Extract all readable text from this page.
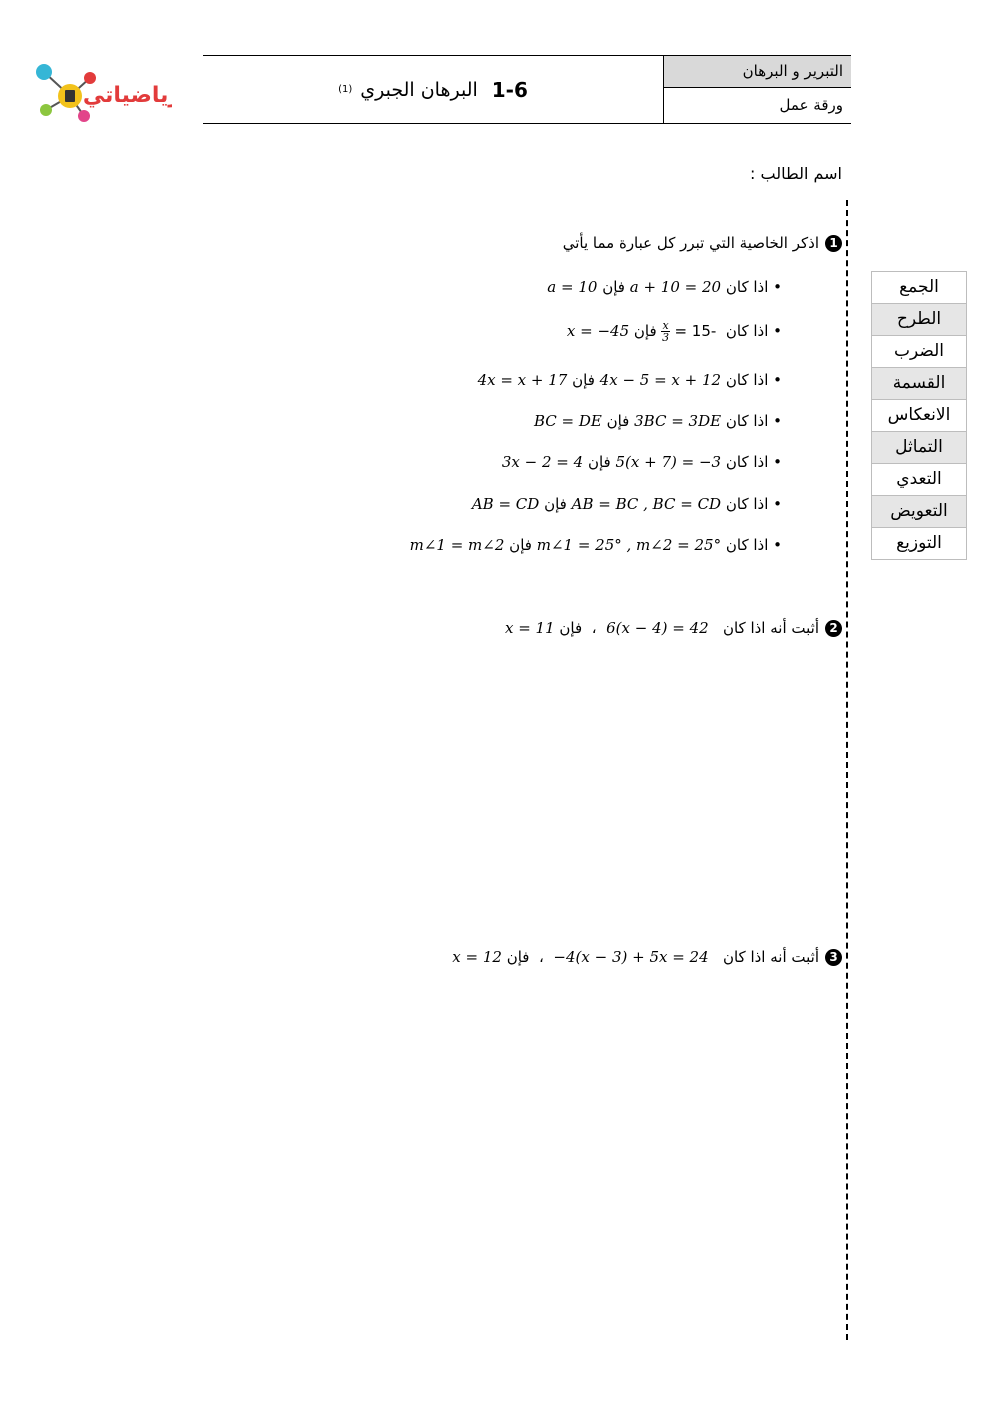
رياضياتي
التبرير و البرهان
ورقة عمل
(1) البرهان الجبري 1-6
اسم الطالب :
الجمع
الطرح
الضرب
القسمة
الانعكاس
التماثل
التعدي
التعويض
التوزيع
1اذكر الخاصية التي تبرر كل عبارة مما يأتي
• اذا كان a + 10 = 20 فإن a = 10
• اذا كان  -15 =
$\frac{x}{3}$
فإن x = −45
• اذا كان 4x − 5 = x + 12 فإن 4x = x + 17
• اذا كان 3BC = 3DE فإن BC = DE
• اذا كان 5(x + 7) = −3 فإن 3x − 2 = 4
• اذا كان AB = BC , BC = CD فإن AB = CD
• اذا كان m∠1 = 25° , m∠2 = 25° فإن m∠1 = m∠2
2أثبت أنه اذا كان   6(x − 4) = 42  ،  فإن x = 11
3أثبت أنه اذا كان   −4(x − 3) + 5x = 24  ،  فإن x = 12
